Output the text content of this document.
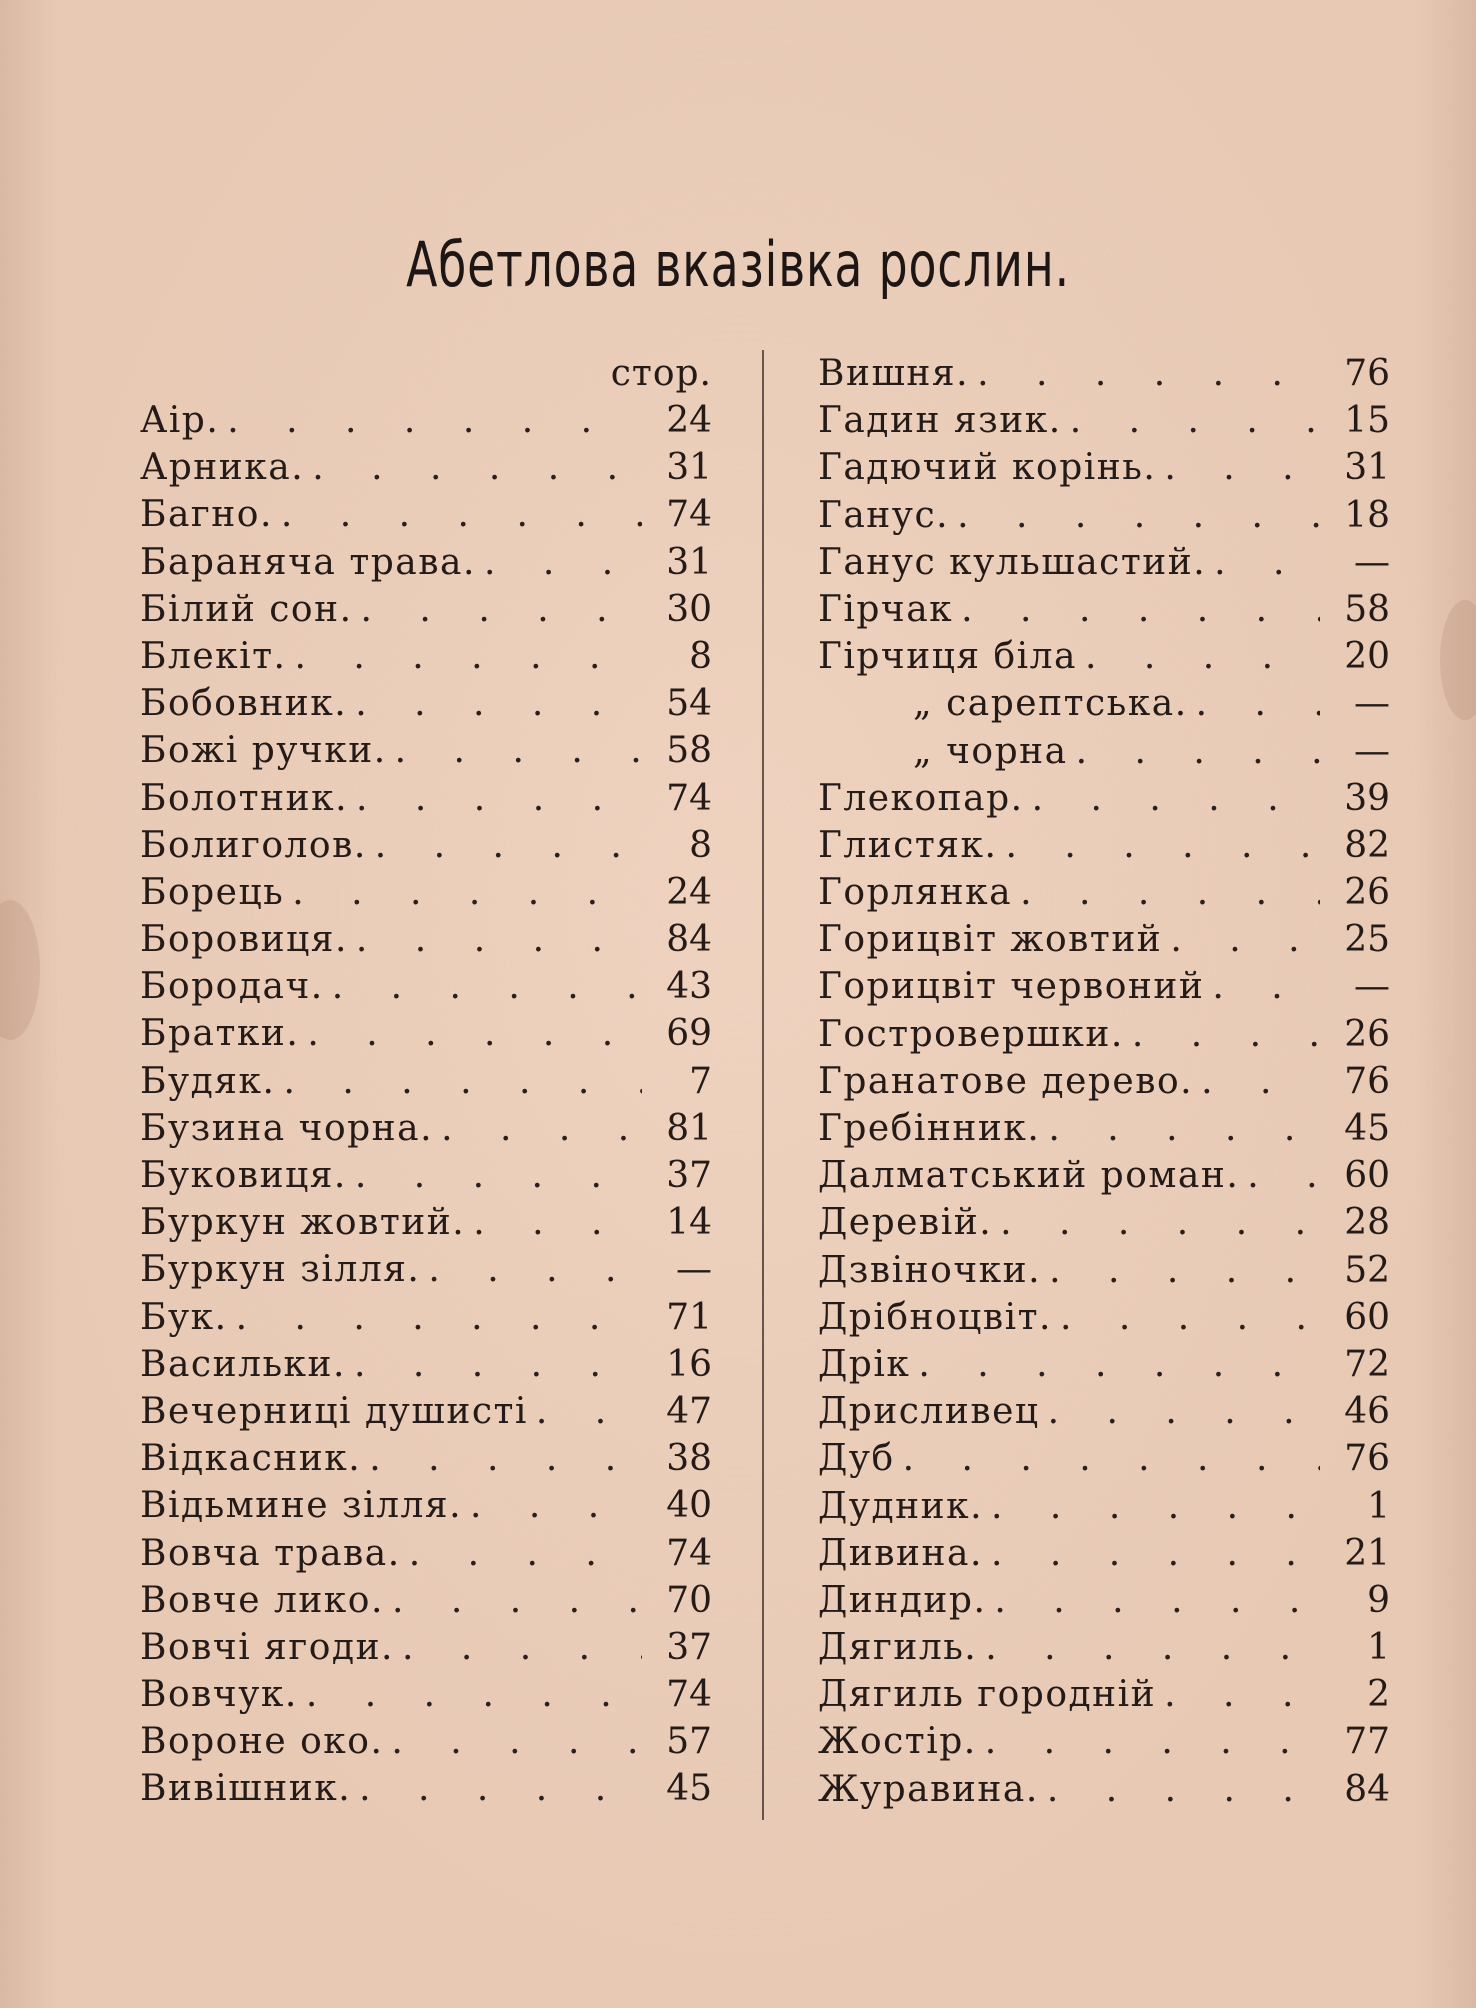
Абетлова вказівка рослин.
стор.
Аір. . . .	24
Арника. . . .	31
Багно. . . .	74
Бараняча трава. . . .	31
Білий сон. . . .	30
Блекіт. . . .	8
Бобовник. . . .	54
Божі ручки. . . .	58
Болотник. . . .	74
Болиголов. . . .	8
Борець . . .	24
Боровиця. . . .	84
Бородач. . . .	43
Братки. . . .	69
Будяк. . . .	7
Бузина чорна. . . .	81
Буковиця. . . .	37
Буркун жовтий. . . .	14
Буркун зілля. . . .	—
Бук. . . .	71
Васильки. . . .	16
Вечерниці душисті . . .	47
Відкасник. . . .	38
Відьмине зілля. . . .	40
Вовча трава. . . .	74
Вовче лико. . . .	70
Вовчі ягоди. . . .	37
Вовчук. . . .	74
Вороне око. . . .	57
Вивішник. . . .	45
Вишня. . . .	76
Гадин язик. . . .	15
Гадючий корінь. . . .	31
Ганус. . . .	18
Ганус кульшастий. . . .	—
Гірчак . . .	58
Гірчиця біла . . .	20
„ сарептська. . . .	—
„ чорна . . .	—
Глекопар. . . .	39
Глистяк. . . .	82
Горлянка . . .	26
Горицвіт жовтий . . .	25
Горицвіт червоний . . .	—
Гостровершки. . . .	26
Гранатове дерево. . . .	76
Гребінник. . . .	45
Далматський роман. . . .	60
Деревій. . . .	28
Дзвіночки. . . .	52
Дрібноцвіт. . . .	60
Дрік . . .	72
Дрисливец . . .	46
Дуб . . .	76
Дудник. . . .	1
Дивина. . . .	21
Диндир. . . .	9
Дягиль. . . .	1
Дягиль городній . . .	2
Жостір. . . .	77
Журавина. . . .	84
